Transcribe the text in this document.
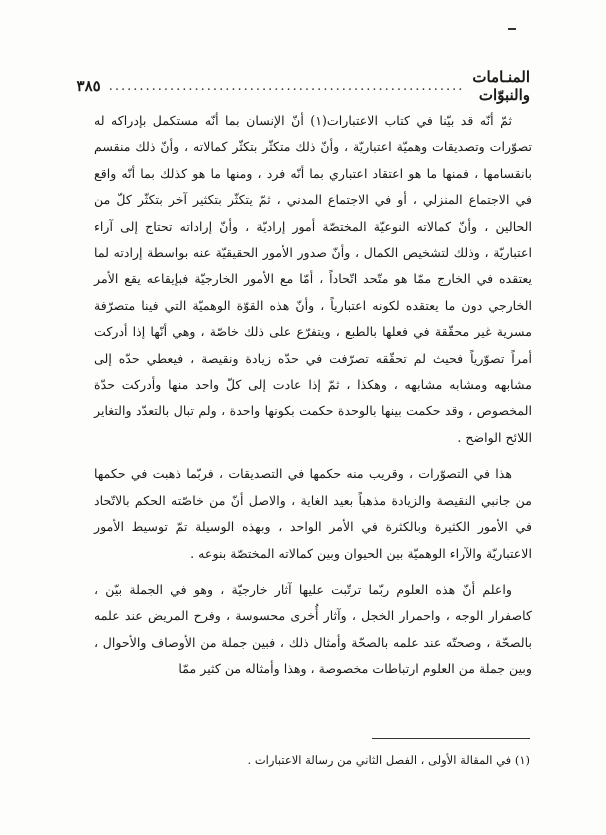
المنـامات والنبوّات
..........................................................
٣٨٥

ثمّ أنّه قد بيّنا في كتاب الاعتبارات(١) أنّ الإنسان بما أنّه مستكمل بإدراكه له تصوّرات وتصديقات وهميّة اعتباريّة ، وأنّ ذلك متكثّر بتكثّر كمالاته ، وأنّ ذلك منقسم بانقسامها ، فمنها ما هو اعتقاد اعتباري بما أنّه فرد ، ومنها ما هو كذلك بما أنّه واقع في الاجتماع المنزلي ، أو في الاجتماع المدني ، ثمّ يتكثّر بتكثير آخر بتكثّر كلّ من الحالين ، وأنّ كمالاته النوعيّة المختصّة أمور إراديّة ، وأنّ إراداته تحتاج إلى آراء اعتباريّة ، وذلك لتشخيص الكمال ، وأنّ صدور الأمور الحقيقيّة عنه بواسطة إرادته لما يعتقده في الخارج ممّا هو متّحد اتّحاداً ، أمّا مع الأمور الخارجيّة فبإيقاعه يقع الأمر الخارجي دون ما يعتقده لكونه اعتبارياً ، وأنّ هذه القوّة الوهميّة التي فينا متصرّفة مسرية غير محقّقة في فعلها بالطبع ، ويتفرّع على ذلك خاصّة ، وهي أنّها إذا أدركت أمراً تصوّرياً فحيث لم تحقّقه تصرّفت في حدّه زيادة ونقيصة ، فيعطي حدّه إلى مشابهه ومشابه مشابهه ، وهكذا ، ثمّ إذا عادت إلى كلّ واحد منها وأدركت حدّة المخصوص ، وقد حكمت بينها بالوحدة حكمت بكونها واحدة ، ولم تبال بالتعدّد والتغاير اللائح الواضح .

هذا في التصوّرات ، وقريب منه حكمها في التصديقات ، فربّما ذهبت في حكمها من جانبي النقيصة والزيادة مذهباً بعيد الغاية ، والاصل أنّ من خاصّته الحكم بالاتّحاد في الأمور الكثيرة وبالكثرة في الأمر الواحد ، وبهذه الوسيلة تمّ توسيط الأمور الاعتباريّة والآراء الوهميّة بين الحيوان وبين كمالاته المختصّة بنوعه .

واعلم أنّ هذه العلوم ربّما ترتّبت عليها آثار خارجيّة ، وهو في الجملة بيّن ، كاصفرار الوجه ، واحمرار الخجل ، وآثار أُخرى محسوسة ، وفرح المريض عند علمه بالصحّة ، وصحتّه عند علمه بالصحّة وأمثال ذلك ، فبين جملة من الأوصاف والأحوال ، وبين جملة من العلوم ارتباطات مخصوصة ، وهذا وأمثاله من كثير ممّا

(١) في المقالة الأولى ، الفصل الثاني من رسالة الاعتبارات .
